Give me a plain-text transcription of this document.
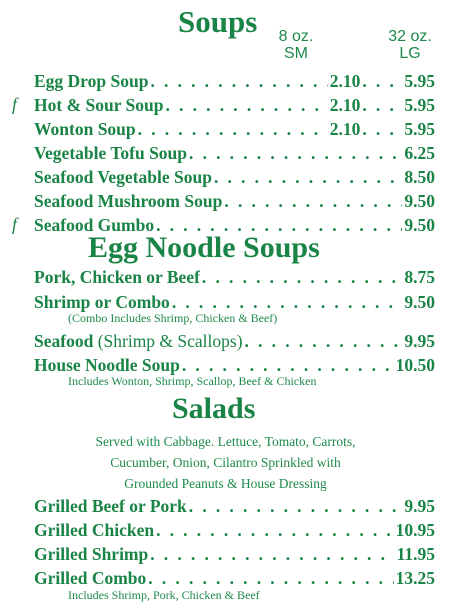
Soups	8 oz.
SM
32 oz.
LG
Egg Drop Soup . . .	2.10 . . .	5.95
f Hot & Sour Soup . . .	2.10 . . .	5.95
Wonton Soup . . .	2.10 . . .	5.95
Vegetable Tofu Soup . . .	6.25
Seafood Vegetable Soup . . .	8.50
Seafood Mushroom Soup . . .	9.50
f Seafood Gumbo . . .	9.50
Egg Noodle Soups
Pork, Chicken or Beef . . .	8.75
Shrimp or Combo . . .	9.50
(Combo Includes Shrimp, Chicken & Beef)
Seafood (Shrimp & Scallops) . . .	9.95
House Noodle Soup . . .	10.50
Includes Wonton, Shrimp, Scallop, Beef & Chicken
Salads
Served with Cabbage. Lettuce, Tomato, Carrots,
Cucumber, Onion, Cilantro Sprinkled with
Grounded Peanuts & House Dressing
Grilled Beef or Pork . . .	9.95
Grilled Chicken . . .	10.95
Grilled Shrimp . . .	11.95
Grilled Combo . . .	13.25
Includes Shrimp, Pork, Chicken & Beef
